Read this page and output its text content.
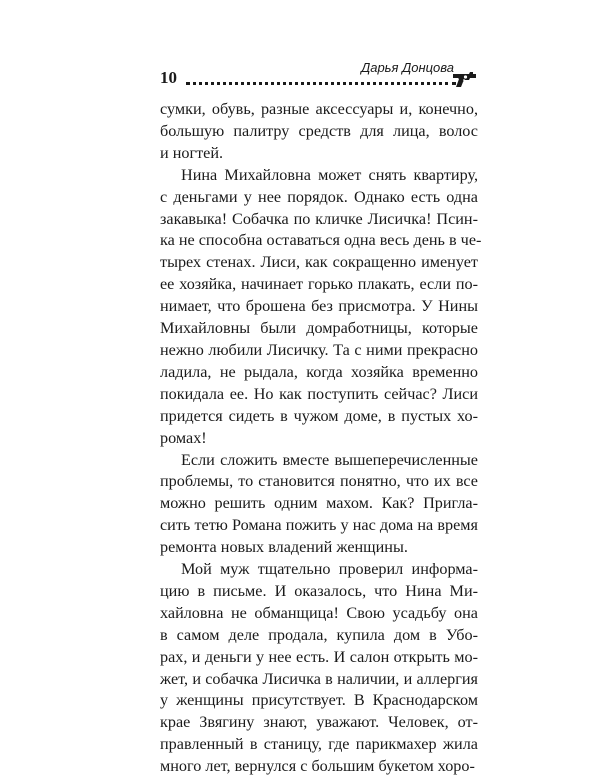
10
Дарья Донцова
сумки, обувь, разные аксессуары и, конечно,
большую палитру средств для лица, волос
и ногтей.
Нина Михайловна может снять квартиру,
с деньгами у нее порядок. Однако есть одна
закавыка! Собачка по кличке Лисичка! Псин-
ка не способна оставаться одна весь день в че-
тырех стенах. Лиси, как сокращенно именует
ее хозяйка, начинает горько плакать, если по-
нимает, что брошена без присмотра. У Нины
Михайловны были домработницы, которые
нежно любили Лисичку. Та с ними прекрасно
ладила, не рыдала, когда хозяйка временно
покидала ее. Но как поступить сейчас? Лиси
придется сидеть в чужом доме, в пустых хо-
ромах!
Если сложить вместе вышеперечисленные
проблемы, то становится понятно, что их все
можно решить одним махом. Как? Пригла-
сить тетю Романа пожить у нас дома на время
ремонта новых владений женщины.
Мой муж тщательно проверил информа-
цию в письме. И оказалось, что Нина Ми-
хайловна не обманщица! Свою усадьбу она
в самом деле продала, купила дом в Убо-
рах, и деньги у нее есть. И салон открыть мо-
жет, и собачка Лисичка в наличии, и аллергия
у женщины присутствует. В Краснодарском
крае Звягину знают, уважают. Человек, от-
правленный в станицу, где парикмахер жила
много лет, вернулся с большим букетом хоро-
